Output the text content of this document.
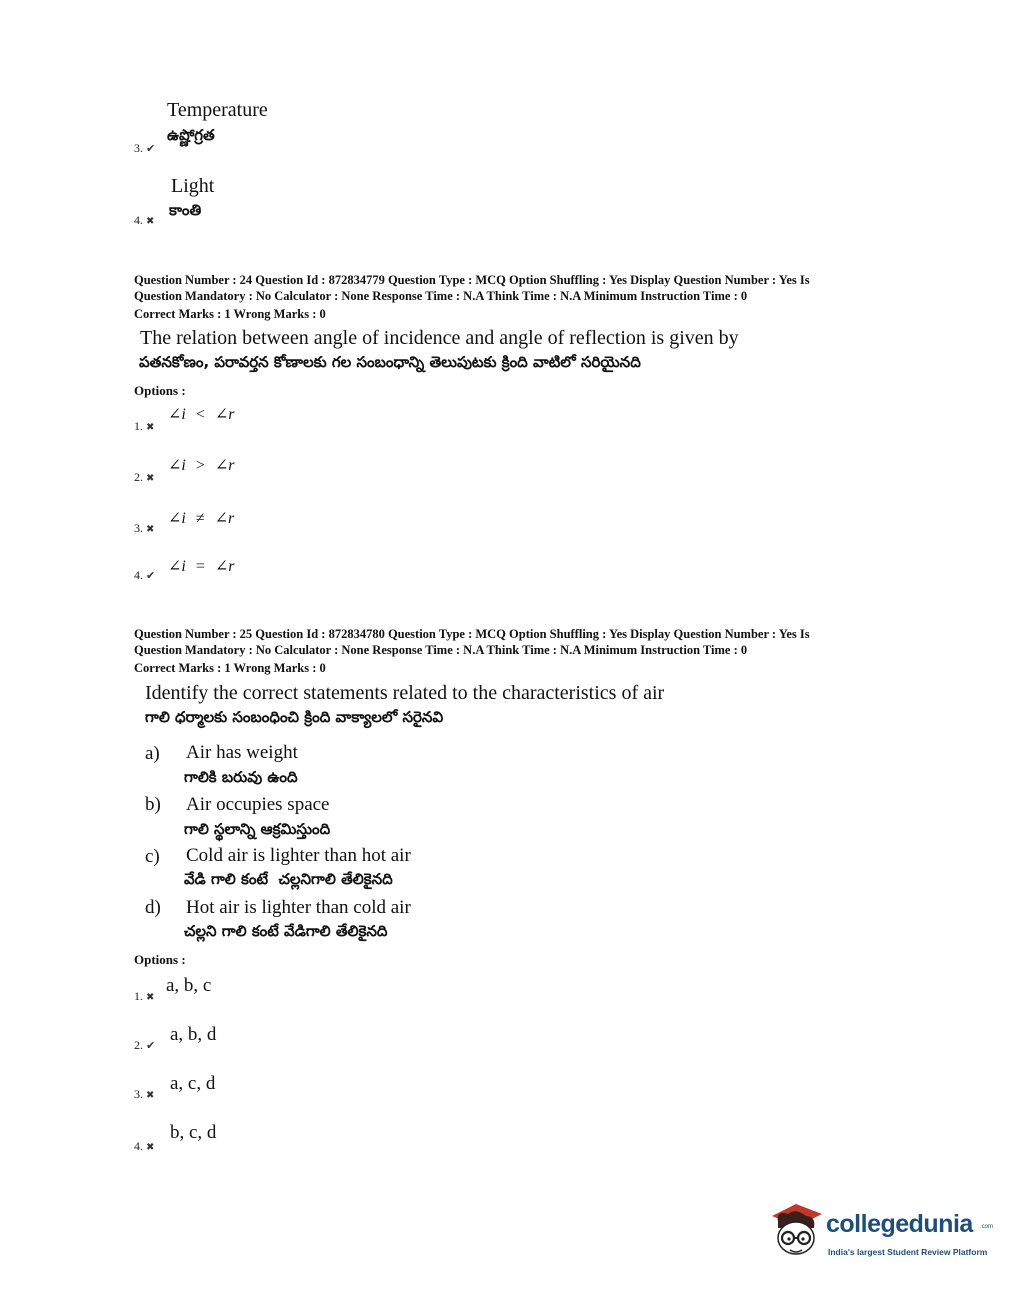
Temperature
ఉష్ణోగ్రత
3. ✔
Light
కాంతి
4. ✖
Question Number : 24 Question Id : 872834779 Question Type : MCQ Option Shuffling : Yes Display Question Number : Yes Is
Question Mandatory : No Calculator : None Response Time : N.A Think Time : N.A Minimum Instruction Time : 0
Correct Marks : 1 Wrong Marks : 0
The relation between angle of incidence and angle of reflection is given by
పతనకోణం, పరావర్తన కోణాలకు గల సంబంధాన్ని తెలుపుటకు క్రింది వాటిలో సరియైనది
Options :
1. ✖
∠i < ∠r
2. ✖
∠i > ∠r
3. ✖
∠i ≠ ∠r
4. ✔
∠i = ∠r
Question Number : 25 Question Id : 872834780 Question Type : MCQ Option Shuffling : Yes Display Question Number : Yes Is
Question Mandatory : No Calculator : None Response Time : N.A Think Time : N.A Minimum Instruction Time : 0
Correct Marks : 1 Wrong Marks : 0
Identify the correct statements related to the characteristics of air
గాలి ధర్మాలకు సంబంధించి క్రింది వాక్యాలలో సరైనవి
a) Air has weight
గాలికి బరువు ఉంది
b) Air occupies space
గాలి స్థలాన్ని ఆక్రమిస్తుంది
c) Cold air is lighter than hot air
వేడి గాలి కంటే  చల్లనిగాలి తేలికైనది
d) Hot air is lighter than cold air
చల్లని గాలి కంటే వేడిగాలి తేలికైనది
Options :
1. ✖
a, b, c
2. ✔
a, b, d
3. ✖
a, c, d
4. ✖
b, c, d
collegedunia .com
India's largest Student Review Platform
